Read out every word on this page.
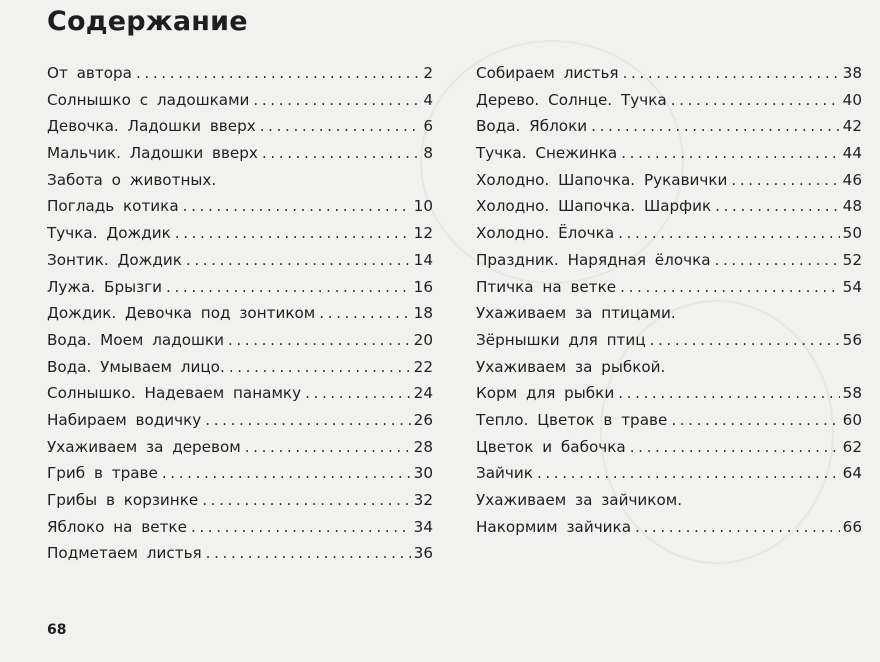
Содержание
От автора .....	2
Солнышко с ладошками .....	4
Девочка. Ладошки вверх .....	6
Мальчик. Ладошки вверх .....	8
Забота о животных.
Погладь котика .....	10
Тучка. Дождик .....	12
Зонтик. Дождик .....	14
Лужа. Брызги .....	16
Дождик. Девочка под зонтиком .....	18
Вода. Моем ладошки .....	20
Вода. Умываем лицо. .....	22
Солнышко. Надеваем панамку .....	24
Набираем водичку .....	26
Ухаживаем за деревом .....	28
Гриб в траве .....	30
Грибы в корзинке .....	32
Яблоко на ветке .....	34
Подметаем листья .....	36
Собираем листья .....	38
Дерево. Солнце. Тучка .....	40
Вода. Яблоки .....	42
Тучка. Снежинка .....	44
Холодно. Шапочка. Рукавички .....	46
Холодно. Шапочка. Шарфик .....	48
Холодно. Ёлочка .....	50
Праздник. Нарядная ёлочка .....	52
Птичка на ветке .....	54
Ухаживаем за птицами.
Зёрнышки для птиц .....	56
Ухаживаем за рыбкой.
Корм для рыбки .....	58
Тепло. Цветок в траве .....	60
Цветок и бабочка .....	62
Зайчик .....	64
Ухаживаем за зайчиком.
Накормим зайчика .....	66
68
